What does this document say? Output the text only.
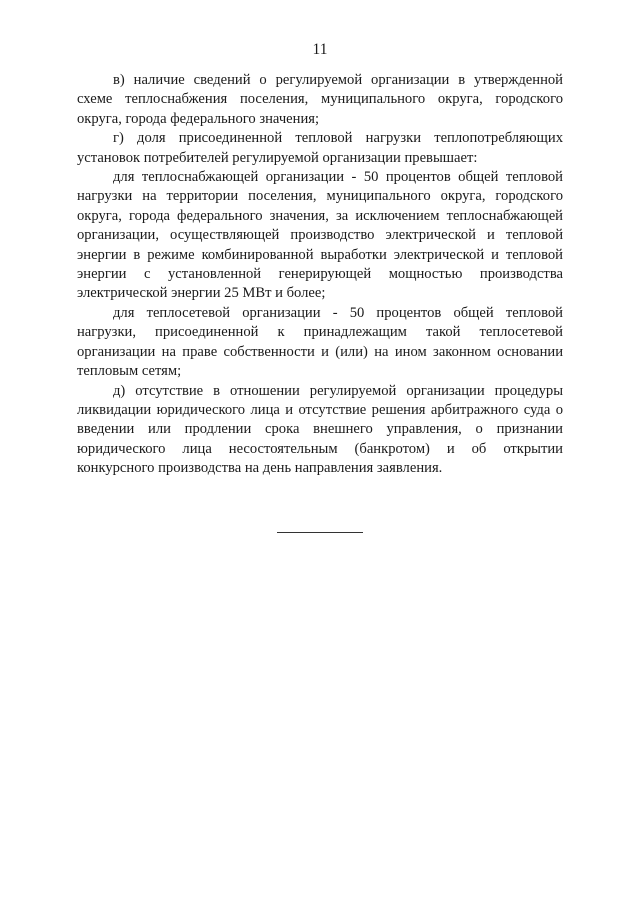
11

в) наличие сведений о регулируемой организации в утвержденной схеме теплоснабжения поселения, муниципального округа, городского округа, города федерального значения;

г) доля присоединенной тепловой нагрузки теплопотребляющих установок потребителей регулируемой организации превышает:

для теплоснабжающей организации - 50 процентов общей тепловой нагрузки на территории поселения, муниципального округа, городского округа, города федерального значения, за исключением теплоснабжающей организации, осуществляющей производство электрической и тепловой энергии в режиме комбинированной выработки электрической и тепловой энергии с установленной генерирующей мощностью производства электрической энергии 25 МВт и более;

для теплосетевой организации - 50 процентов общей тепловой нагрузки, присоединенной к принадлежащим такой теплосетевой организации на праве собственности и (или) на ином законном основании тепловым сетям;

д) отсутствие в отношении регулируемой организации процедуры ликвидации юридического лица и отсутствие решения арбитражного суда о введении или продлении срока внешнего управления, о признании юридического лица несостоятельным (банкротом) и об открытии конкурсного производства на день направления заявления.
